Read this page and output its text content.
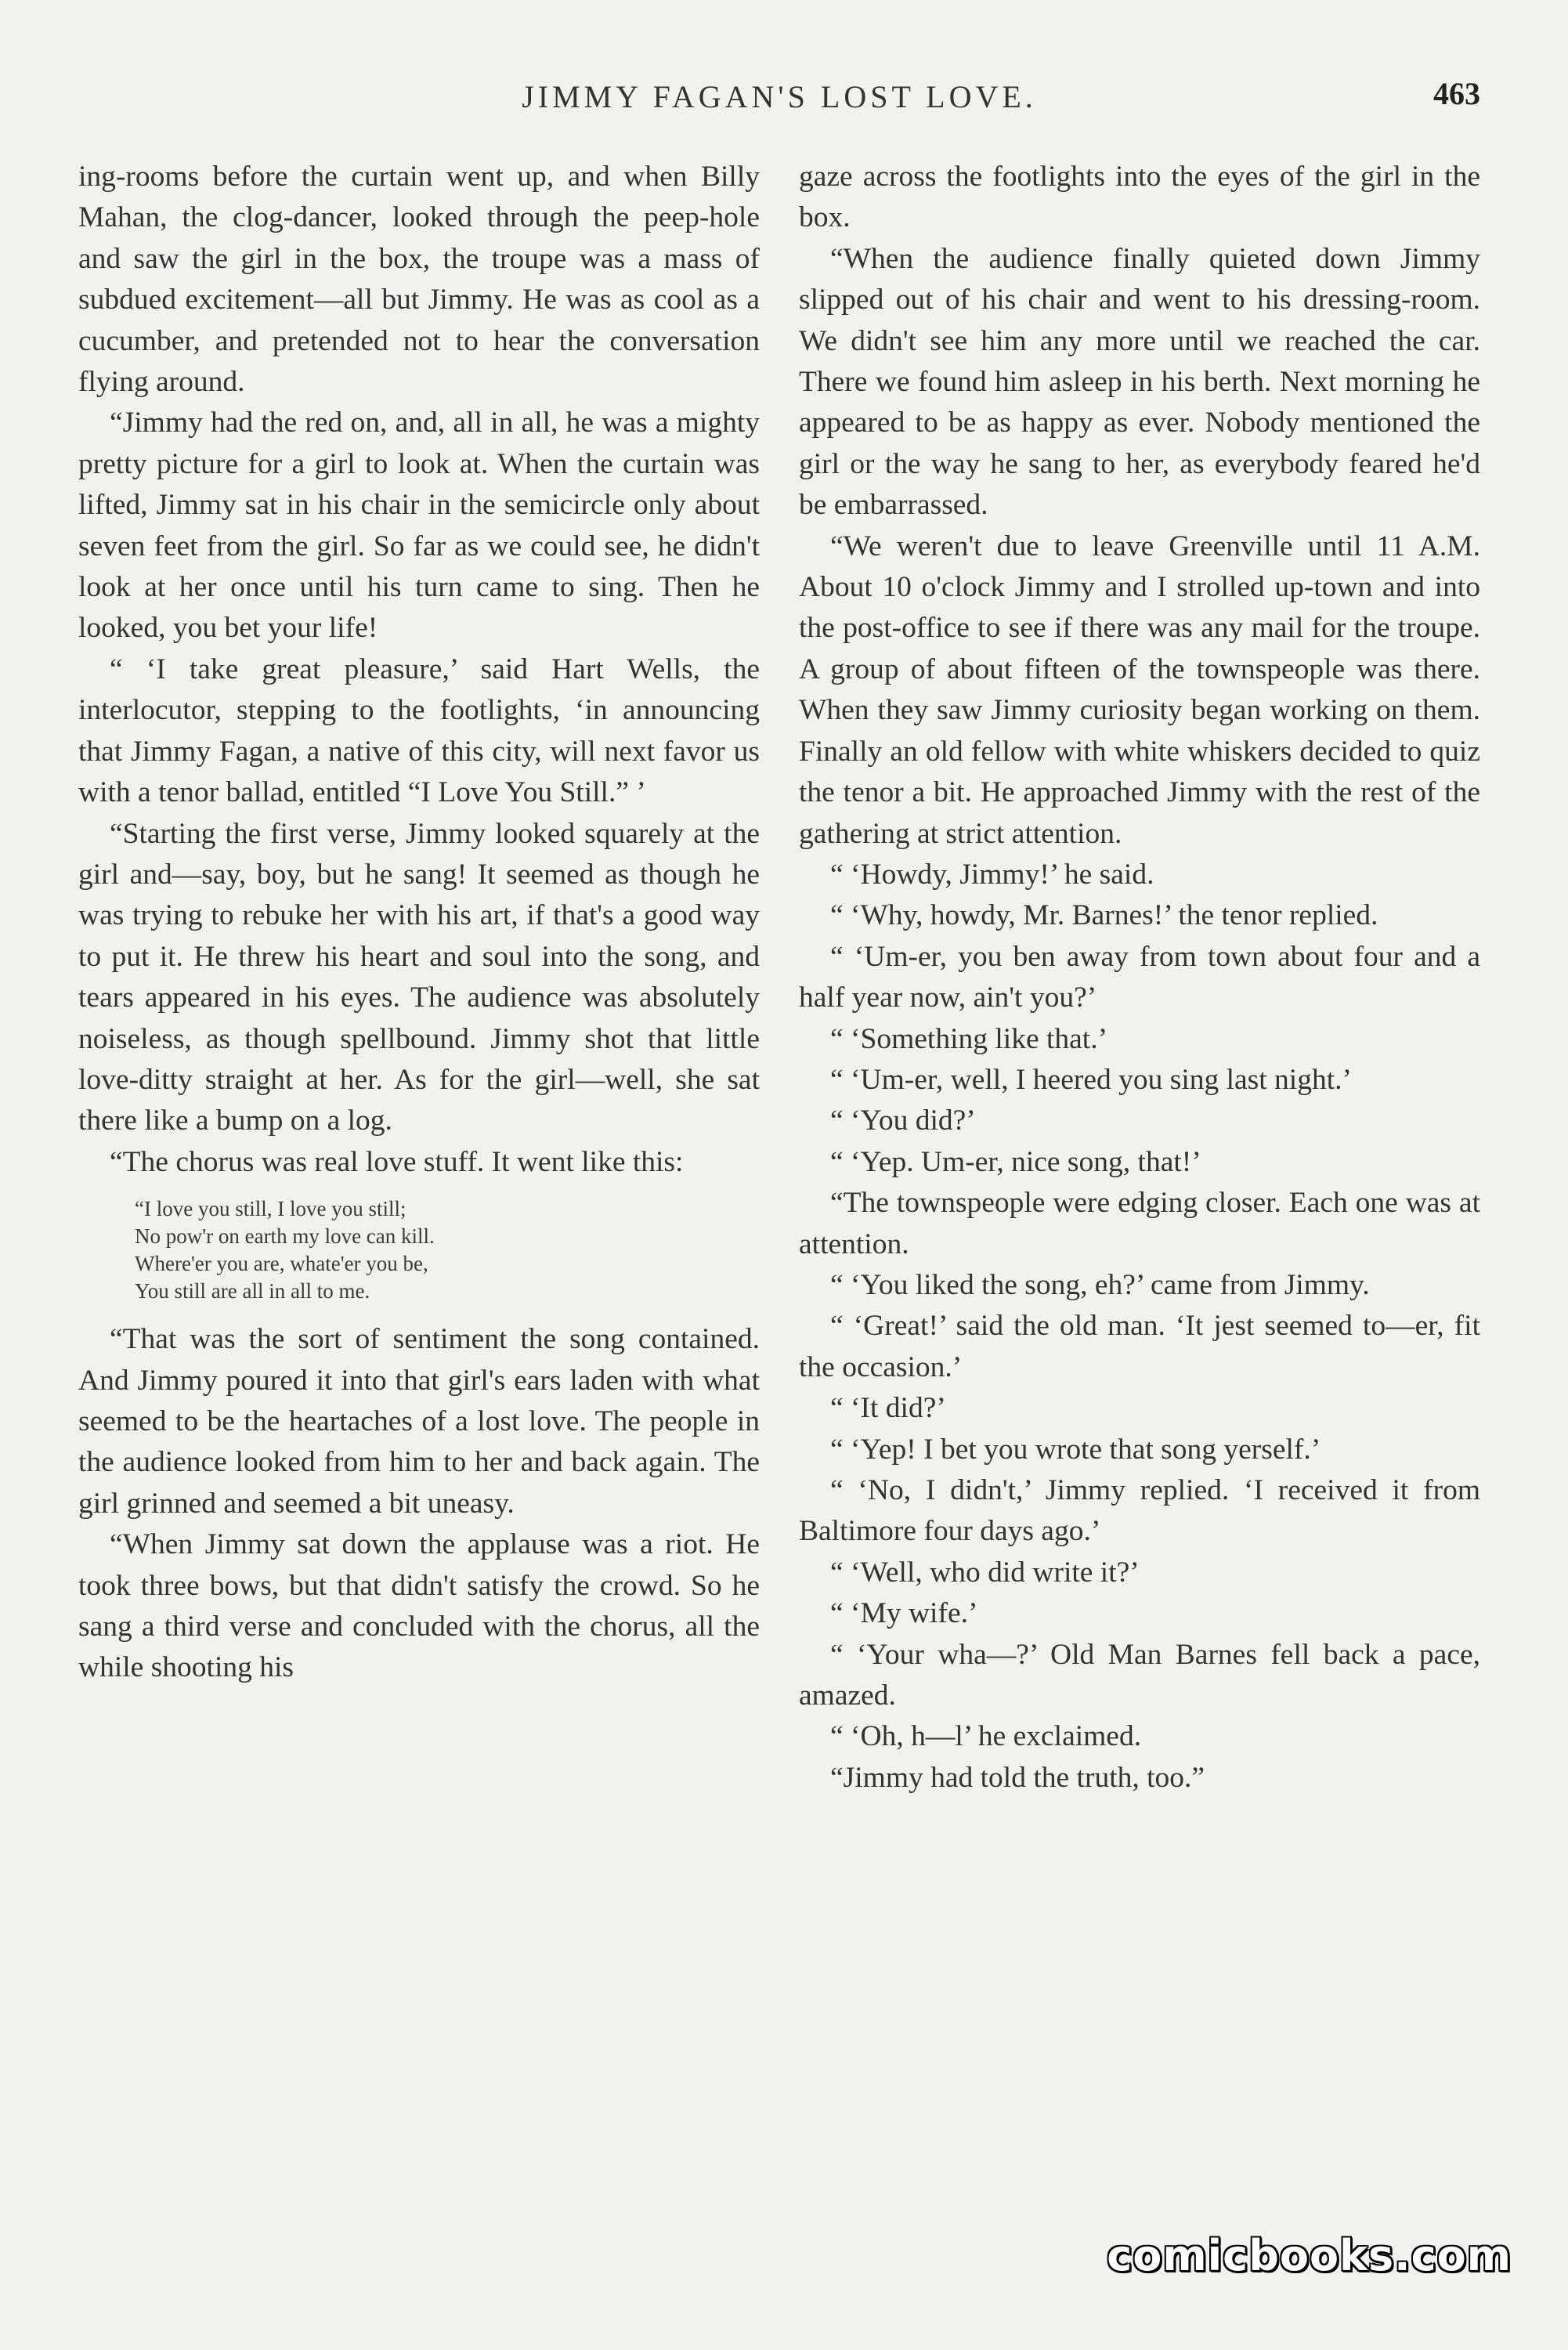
JIMMY FAGAN'S LOST LOVE.	463

ing-rooms before the curtain went up, and when Billy Mahan, the clog-dancer, looked through the peep-hole and saw the girl in the box, the troupe was a mass of subdued excitement—all but Jimmy. He was as cool as a cucumber, and pretended not to hear the conversation flying around.

“Jimmy had the red on, and, all in all, he was a mighty pretty picture for a girl to look at. When the curtain was lifted, Jimmy sat in his chair in the semicircle only about seven feet from the girl. So far as we could see, he didn't look at her once until his turn came to sing. Then he looked, you bet your life!

“ ‘I take great pleasure,’ said Hart Wells, the interlocutor, stepping to the footlights, ‘in announcing that Jimmy Fagan, a native of this city, will next favor us with a tenor ballad, entitled “I Love You Still.” ’

“Starting the first verse, Jimmy looked squarely at the girl and—say, boy, but he sang! It seemed as though he was trying to rebuke her with his art, if that's a good way to put it. He threw his heart and soul into the song, and tears appeared in his eyes. The audience was absolutely noiseless, as though spellbound. Jimmy shot that little love-ditty straight at her. As for the girl—well, she sat there like a bump on a log.

“The chorus was real love stuff. It went like this:

“I love you still, I love you still;
No pow'r on earth my love can kill.
Where'er you are, whate'er you be,
You still are all in all to me.

“That was the sort of sentiment the song contained. And Jimmy poured it into that girl's ears laden with what seemed to be the heartaches of a lost love. The people in the audience looked from him to her and back again. The girl grinned and seemed a bit uneasy.

“When Jimmy sat down the applause was a riot. He took three bows, but that didn't satisfy the crowd. So he sang a third verse and concluded with the chorus, all the while shooting his

gaze across the footlights into the eyes of the girl in the box.

“When the audience finally quieted down Jimmy slipped out of his chair and went to his dressing-room. We didn't see him any more until we reached the car. There we found him asleep in his berth. Next morning he appeared to be as happy as ever. Nobody mentioned the girl or the way he sang to her, as everybody feared he'd be embarrassed.

“We weren't due to leave Greenville until 11 A.M. About 10 o'clock Jimmy and I strolled up-town and into the post-office to see if there was any mail for the troupe. A group of about fifteen of the townspeople was there. When they saw Jimmy curiosity began working on them. Finally an old fellow with white whiskers decided to quiz the tenor a bit. He approached Jimmy with the rest of the gathering at strict attention.

“ ‘Howdy, Jimmy!’ he said.

“ ‘Why, howdy, Mr. Barnes!’ the tenor replied.

“ ‘Um-er, you ben away from town about four and a half year now, ain't you?’

“ ‘Something like that.’

“ ‘Um-er, well, I heered you sing last night.’

“ ‘You did?’

“ ‘Yep. Um-er, nice song, that!’

“The townspeople were edging closer. Each one was at attention.

“ ‘You liked the song, eh?’ came from Jimmy.

“ ‘Great!’ said the old man. ‘It jest seemed to—er, fit the occasion.’

“ ‘It did?’

“ ‘Yep! I bet you wrote that song yerself.’

“ ‘No, I didn't,’ Jimmy replied. ‘I received it from Baltimore four days ago.’

“ ‘Well, who did write it?’

“ ‘My wife.’

“ ‘Your wha—?’ Old Man Barnes fell back a pace, amazed.

“ ‘Oh, h—l’ he exclaimed.

“Jimmy had told the truth, too.”

comicbooks.com
